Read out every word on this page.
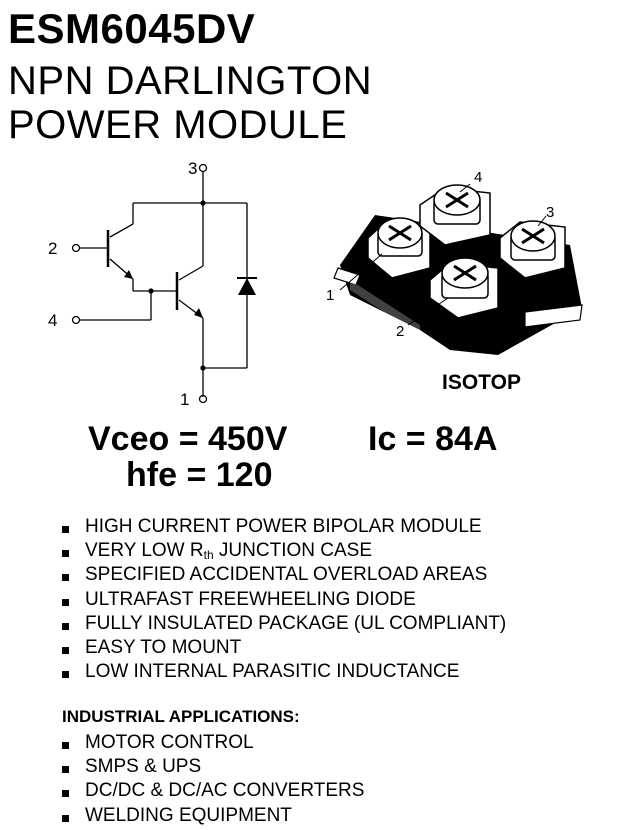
ESM6045DV
NPN DARLINGTON
POWER MODULE
3
2
4
1
1
2
3
4
ISOTOP
Vceo = 450V Ic = 84A
hfe = 120
HIGH CURRENT POWER BIPOLAR MODULE
VERY LOW $R_{th}$ JUNCTION CASE
SPECIFIED ACCIDENTAL OVERLOAD AREAS
ULTRAFAST FREEWHEELING DIODE
FULLY INSULATED PACKAGE (UL COMPLIANT)
EASY TO MOUNT
LOW INTERNAL PARASITIC INDUCTANCE
INDUSTRIAL APPLICATIONS:
MOTOR CONTROL
SMPS & UPS
DC/DC & DC/AC CONVERTERS
WELDING EQUIPMENT
